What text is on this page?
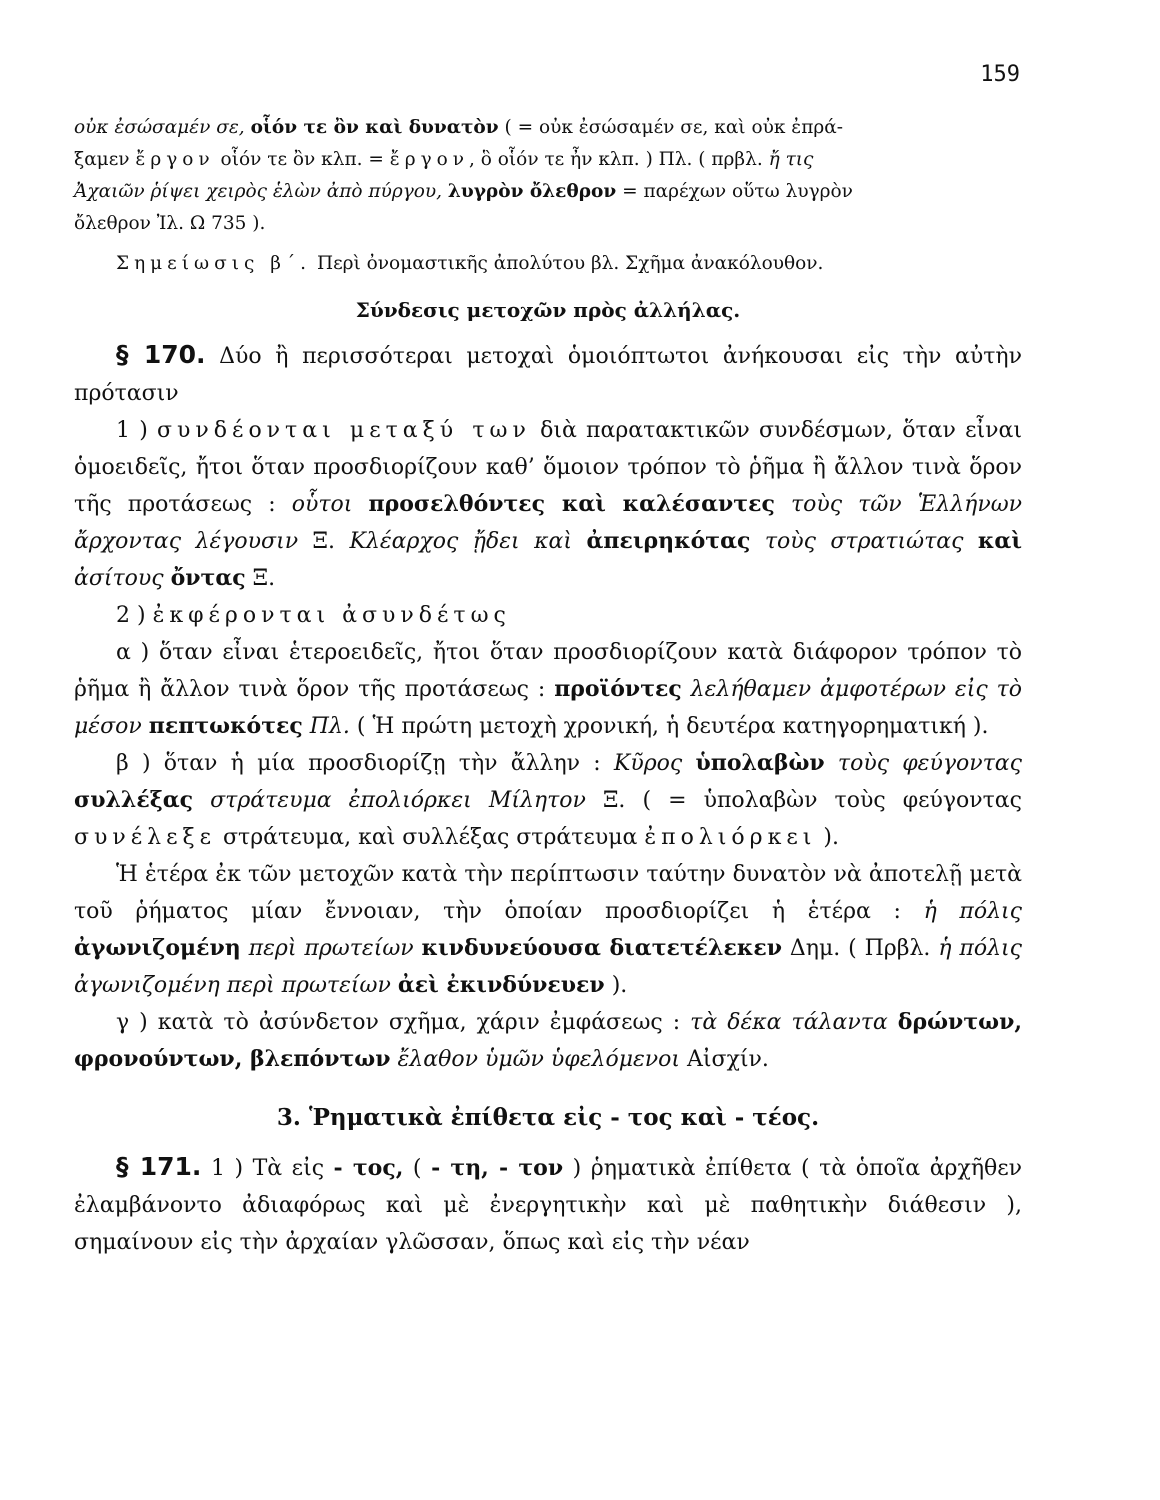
159

οὐκ ἐσώσαμέν σε, οἷόν τε ὂν καὶ δυνατὸν ( = οὐκ ἐσώσαμέν σε, καὶ οὐκ ἐπρά-
ξαμεν ἔργον οἷόν τε ὂν κλπ. = ἔργον, ὃ οἷόν τε ἦν κλπ. ) Πλ. ( πρβλ. ἤ τις
Ἀχαιῶν ῥίψει χειρὸς ἑλὼν ἀπὸ πύργου, λυγρὸν ὄλεθρον = παρέχων οὕτω λυγρὸν
ὄλεθρον Ἰλ. Ω 735 ).

Σημείωσις β΄. Περὶ ὀνομαστικῆς ἀπολύτου βλ. Σχῆμα ἀνακόλουθον.

Σύνδεσις μετοχῶν πρὸς ἀλλήλας.

§ 170. Δύο ἢ περισσότεραι μετοχαὶ ὁμοιόπτωτοι ἀνήκουσαι εἰς τὴν αὐτὴν πρότασιν

1 ) συνδέονται μεταξύ των διὰ παρατακτικῶν συνδέσμων, ὅταν εἶναι ὁμοειδεῖς, ἤτοι ὅταν προσδιορίζουν καθ’ ὅμοιον τρόπον τὸ ῥῆμα ἢ ἄλλον τινὰ ὅρον τῆς προτάσεως : οὗτοι προσελθόντες καὶ καλέσαντες τοὺς τῶν Ἑλλήνων ἄρχοντας λέγουσιν Ξ. Κλέαρχος ᾔδει καὶ ἀπειρηκότας τοὺς στρατιώτας καὶ ἀσίτους ὄντας Ξ.

2 ) ἐκφέρονται ἀσυνδέτως

α ) ὅταν εἶναι ἑτεροειδεῖς, ἤτοι ὅταν προσδιορίζουν κατὰ διάφορον τρόπον τὸ ῥῆμα ἢ ἄλλον τινὰ ὅρον τῆς προτάσεως : προϊόντες λελήθαμεν ἀμφοτέρων εἰς τὸ μέσον πεπτωκότες Πλ. ( Ἡ πρώτη μετοχὴ χρονική, ἡ δευτέρα κατηγορηματική ).

β ) ὅταν ἡ μία προσδιορίζῃ τὴν ἄλλην : Κῦρος ὑπολαβὼν τοὺς φεύγοντας συλλέξας στράτευμα ἐπολιόρκει Μίλητον Ξ. ( = ὑπολαβὼν τοὺς φεύγοντας συνέλεξε στράτευμα, καὶ συλλέξας στράτευμα ἐπολιόρκει ).

Ἡ ἑτέρα ἐκ τῶν μετοχῶν κατὰ τὴν περίπτωσιν ταύτην δυνατὸν νὰ ἀποτελῇ μετὰ τοῦ ῥήματος μίαν ἔννοιαν, τὴν ὁποίαν προσδιορίζει ἡ ἑτέρα : ἡ πόλις ἀγωνιζομένη περὶ πρωτείων κινδυνεύουσα διατετέλεκεν Δημ. ( Πρβλ. ἡ πόλις ἀγωνιζομένη περὶ πρωτείων ἀεὶ ἐκινδύνευεν ).

γ ) κατὰ τὸ ἀσύνδετον σχῆμα, χάριν ἐμφάσεως : τὰ δέκα τάλαντα δρώντων, φρονούντων, βλεπόντων ἔλαθον ὑμῶν ὑφελόμενοι Αἰσχίν.

3. Ῥηματικὰ ἐπίθετα εἰς - τος καὶ - τέος.

§ 171. 1 ) Τὰ εἰς - τος, ( - τη, - τον ) ῥηματικὰ ἐπίθετα ( τὰ ὁποῖα ἀρχῆθεν ἐλαμβάνοντο ἀδιαφόρως καὶ μὲ ἐνεργητικὴν καὶ μὲ παθητικὴν διάθεσιν ), σημαίνουν εἰς τὴν ἀρχαίαν γλῶσσαν, ὅπως καὶ εἰς τὴν νέαν
